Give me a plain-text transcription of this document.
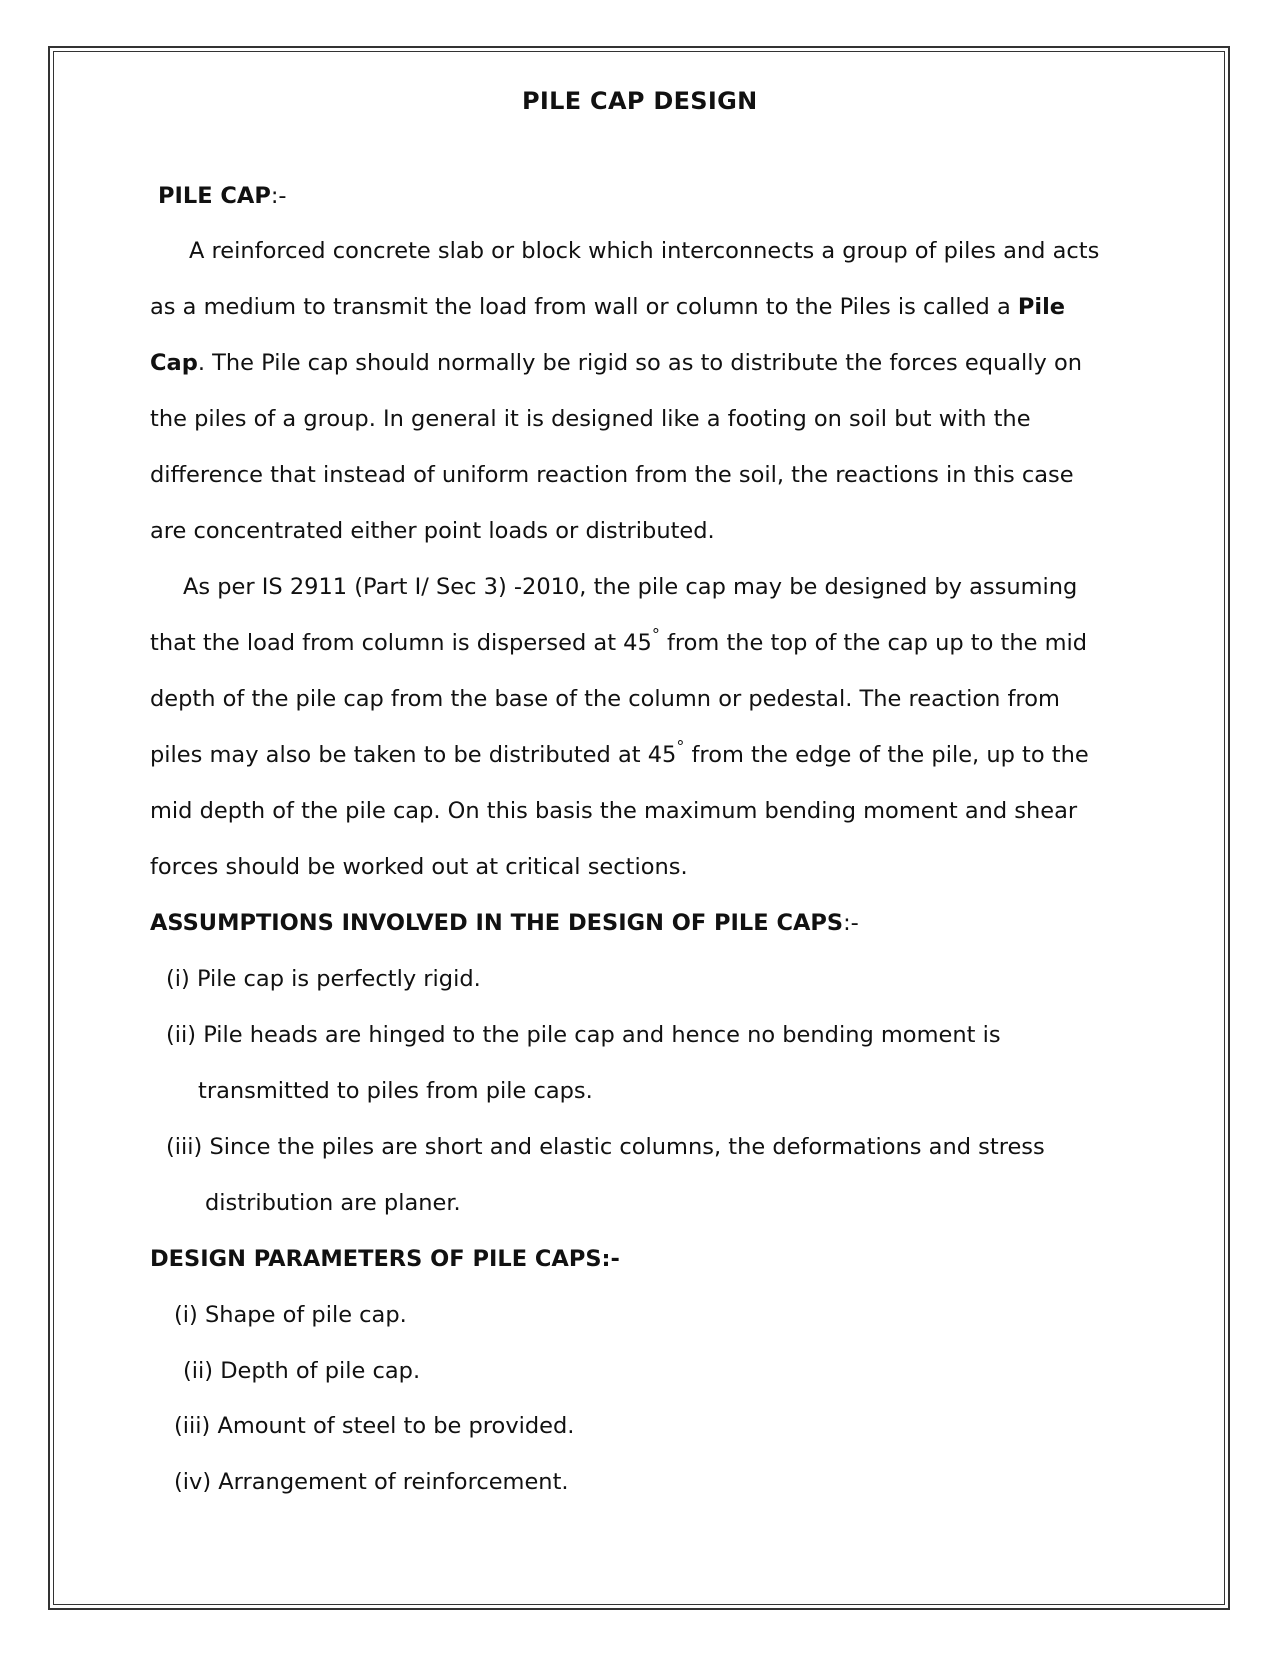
PILE CAP DESIGN
PILE CAP:-
A reinforced concrete slab or block which interconnects a group of piles and acts
as a medium to transmit the load from wall or column to the Piles is called a Pile
Cap. The Pile cap should normally be rigid so as to distribute the forces equally on
the piles of a group. In general it is designed like a footing on soil but with the
difference that instead of uniform reaction from the soil, the reactions in this case
are concentrated either point loads or distributed.
As per IS 2911 (Part I/ Sec 3) -2010, the pile cap may be designed by assuming
that the load from column is dispersed at 45° from the top of the cap up to the mid
depth of the pile cap from the base of the column or pedestal. The reaction from
piles may also be taken to be distributed at 45° from the edge of the pile, up to the
mid depth of the pile cap. On this basis the maximum bending moment and shear
forces should be worked out at critical sections.
ASSUMPTIONS INVOLVED IN THE DESIGN OF PILE CAPS:-
(i) Pile cap is perfectly rigid.
(ii) Pile heads are hinged to the pile cap and hence no bending moment is
transmitted to piles from pile caps.
(iii) Since the piles are short and elastic columns, the deformations and stress
distribution are planer.
DESIGN PARAMETERS OF PILE CAPS:-
(i) Shape of pile cap.
(ii) Depth of pile cap.
(iii) Amount of steel to be provided.
(iv) Arrangement of reinforcement.
